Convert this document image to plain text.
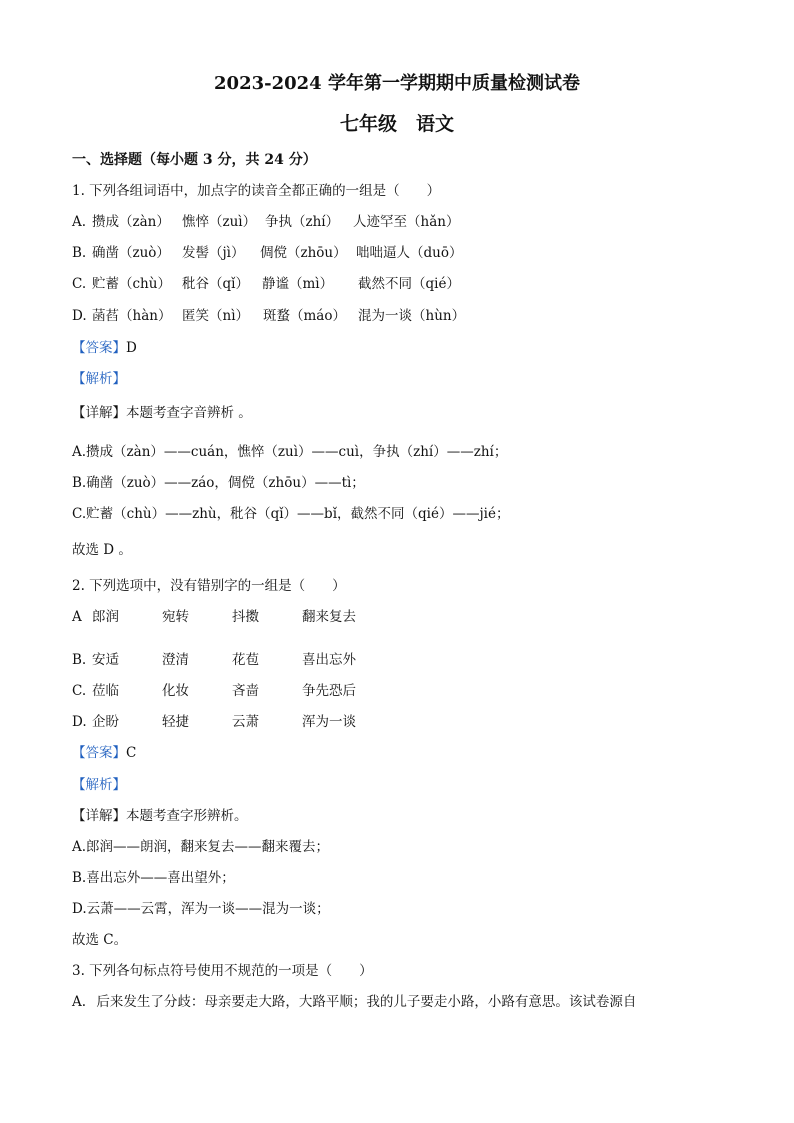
2023-2024 学年第一学期期中质量检测试卷
七年级　语文
一、选择题（每小题 3 分，共 24 分）
1. 下列各组词语中，加点字的读音全都正确的一组是（　　）
A. 攒成（zàn） 憔悴（zuì） 争执（zhí） 人迹罕至（hǎn）
B. 确凿（zuò） 发髻（jì） 倜傥（zhōu） 咄咄逼人（duō）
C. 贮蓄（chù） 秕谷（qǐ） 静谧（mì） 截然不同（qié）
D. 菡萏（hàn） 匿笑（nì） 斑蝥（máo） 混为一谈（hùn）
【答案】D
【解析】
【详解】本题考查字音辨析 。
A.攒成（zàn）——cuán，憔悴（zuì）——cuì，争执（zhí）——zhí；
B.确凿（zuò）——záo，倜傥（zhōu）——tì；
C.贮蓄（chù）——zhù，秕谷（qǐ）——bǐ，截然不同（qié）——jié；
故选 D 。
2. 下列选项中，没有错别字的一组是（　　）
A 郎润	宛转	抖擞	翻来复去
B. 安适	澄清	花苞	喜出忘外
C. 莅临	化妆	吝啬	争先恐后
D. 企盼	轻捷	云萧	浑为一谈
【答案】C
【解析】
【详解】本题考查字形辨析。
A.郎润——朗润，翻来复去——翻来覆去；
B.喜出忘外——喜出望外；
D.云萧——云霄，浑为一谈——混为一谈；
故选 C。
3. 下列各句标点符号使用不规范的一项是（　　）
A. 后来发生了分歧：母亲要走大路，大路平顺；我的儿子要走小路，小路有意思。该试卷源自
